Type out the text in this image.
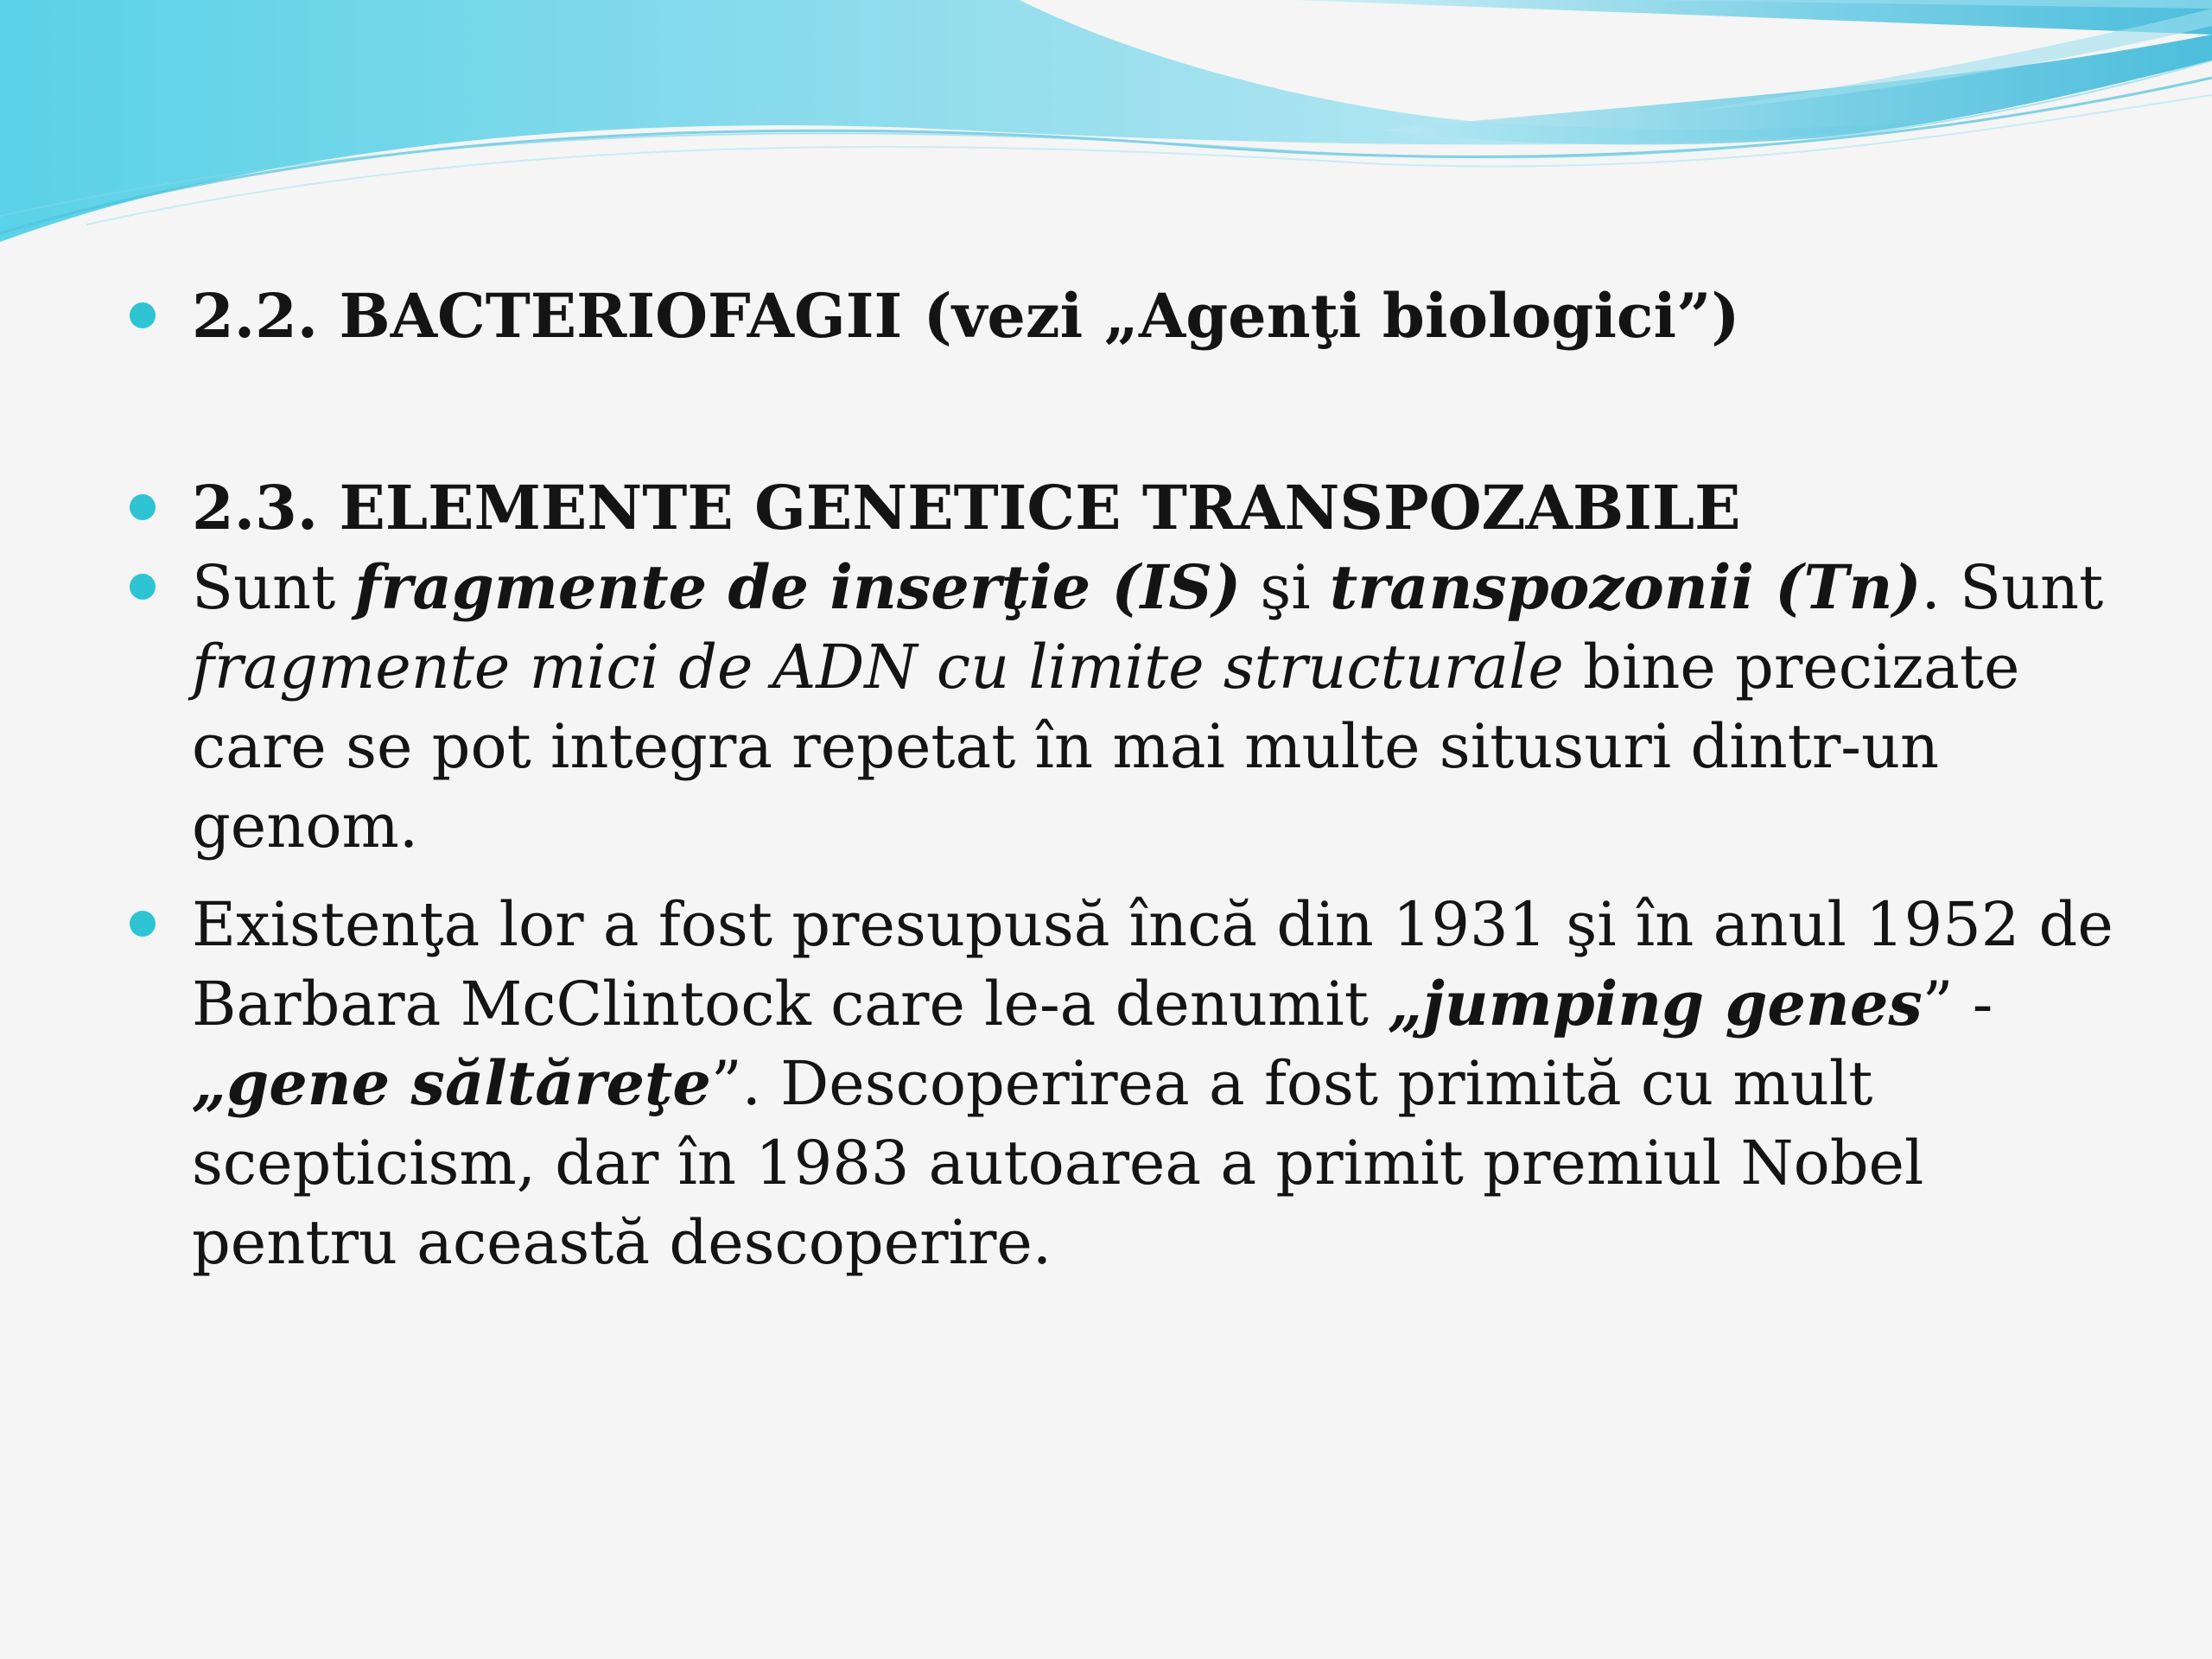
2.2. BACTERIOFAGII (vezi „Agenţi biologici”)
2.3. ELEMENTE GENETICE TRANSPOZABILE
Sunt fragmente de inserţie (IS) şi transpozonii (Tn). Sunt fragmente mici de ADN cu limite structurale bine precizate care se pot integra repetat în mai multe situsuri dintr-un genom.
Existenţa lor a fost presupusă încă din 1931 şi în anul 1952 de Barbara McClintock care le-a denumit „jumping genes” - „gene săltăreţe”. Descoperirea a fost primită cu mult scepticism, dar în 1983 autoarea a primit premiul Nobel pentru această descoperire.
